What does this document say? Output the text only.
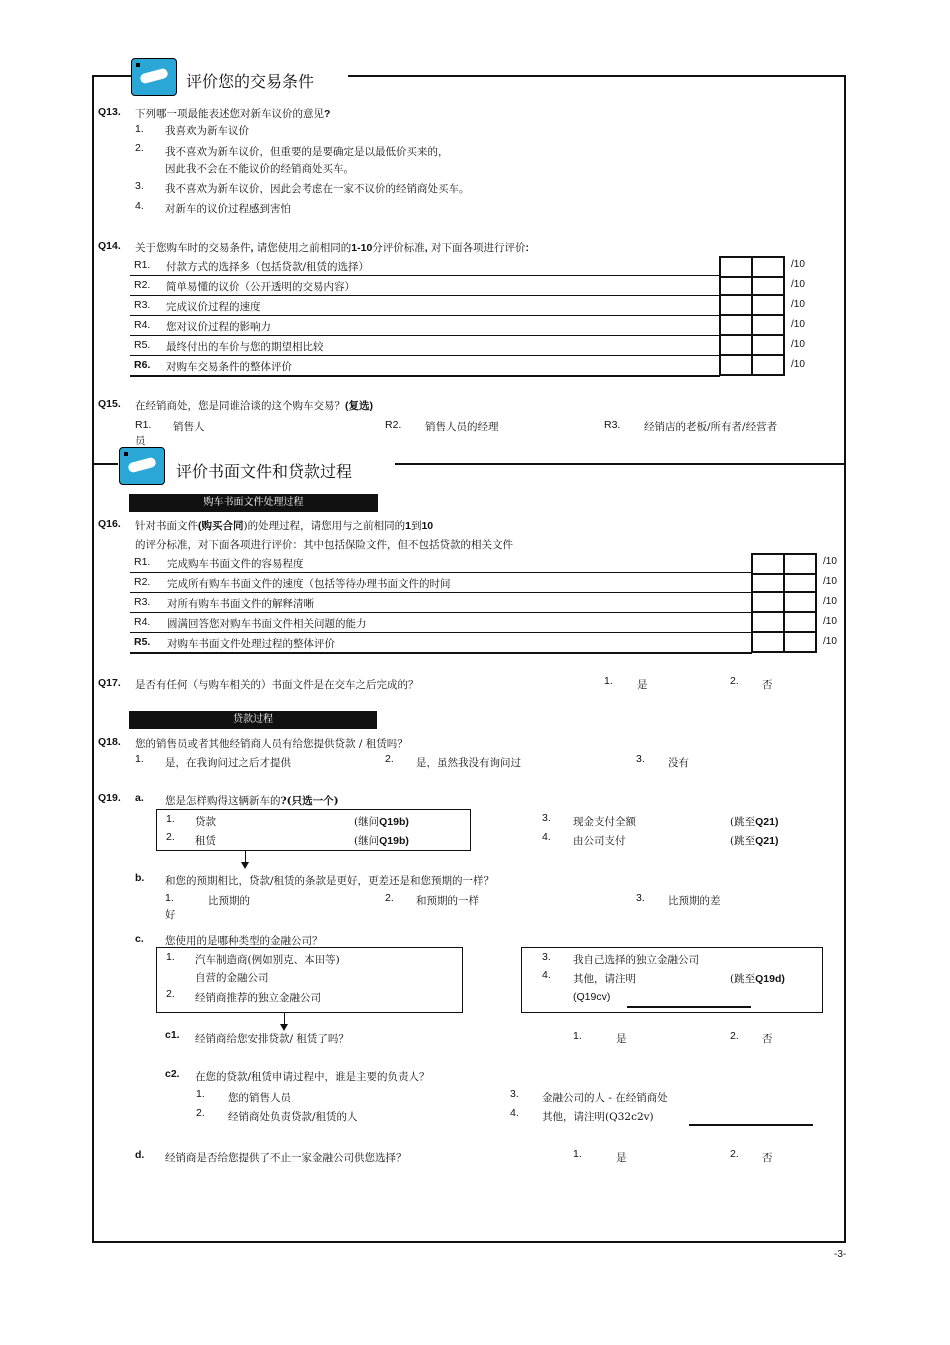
评价您的交易条件
Q13. 下列哪一项最能表述您对新车议价的意见?
1. 我喜欢为新车议价
2. 我不喜欢为新车议价，但重要的是要确定是以最低价买来的，
因此我不会在不能议价的经销商处买车。
3. 我不喜欢为新车议价，因此会考虑在一家不议价的经销商处买车。
4. 对新车的议价过程感到害怕
Q14. 关于您购车时的交易条件, 请您使用之前相同的1-10分评价标准, 对下面各项进行评价:
R1. 付款方式的选择多（包括贷款/租赁的选择）	/10
R2. 简单易懂的议价（公开透明的交易内容）	/10
R3. 完成议价过程的速度	/10
R4. 您对议价过程的影响力	/10
R5. 最终付出的车价与您的期望相比较	/10
R6. 对购车交易条件的整体评价	/10
Q15. 在经销商处，您是同谁洽谈的这个购车交易？(复选)
R1. 销售人
员
R2. 销售人员的经理	R3. 经销店的老板/所有者/经营者
评价书面文件和贷款过程
购车书面文件处理过程
Q16. 针对书面文件(购买合同)的处理过程，请您用与之前相同的1到10
的评分标准，对下面各项进行评价：其中包括保险文件，但不包括贷款的相关文件
R1. 完成购车书面文件的容易程度	/10
R2. 完成所有购车书面文件的速度（包括等待办理书面文件的时间	/10
R3. 对所有购车书面文件的解释清晰	/10
R4. 圆满回答您对购车书面文件相关问题的能力	/10
R5. 对购车书面文件处理过程的整体评价	/10
Q17. 是否有任何（与购车相关的）书面文件是在交车之后完成的？	1. 是	2. 否
贷款过程
Q18. 您的销售员或者其他经销商人员有给您提供贷款 / 租赁吗？
1. 是，在我询问过之后才提供	2. 是，虽然我没有询问过	3. 没有
Q19. a. 您是怎样购得这辆新车的?(只选一个)
1. 贷款	(继问Q19b)
2. 租赁	(继问Q19b)
3. 现金支付全额	(跳至Q21)
4. 由公司支付	(跳至Q21)
b. 和您的预期相比，贷款/租赁的条款是更好，更差还是和您预期的一样？
1.	比预期的
好
2. 和预期的一样	3. 比预期的差
c. 您使用的是哪种类型的金融公司？
1. 汽车制造商(例如别克、本田等)
自营的金融公司
2. 经销商推荐的独立金融公司
3. 我自己选择的独立金融公司
4. 其他，请注明	(跳至Q19d)
(Q19cv)
c1. 经销商给您安排贷款/ 租赁了吗？	1.	是	2. 否
c2. 在您的贷款/租赁申请过程中，谁是主要的负责人？
1. 您的销售人员
2. 经销商处负责贷款/租赁的人
3. 金融公司的人 - 在经销商处
4. 其他，请注明(Q32c2v)
d. 经销商是否给您提供了不止一家金融公司供您选择？	1.	是	2. 否
-3-
